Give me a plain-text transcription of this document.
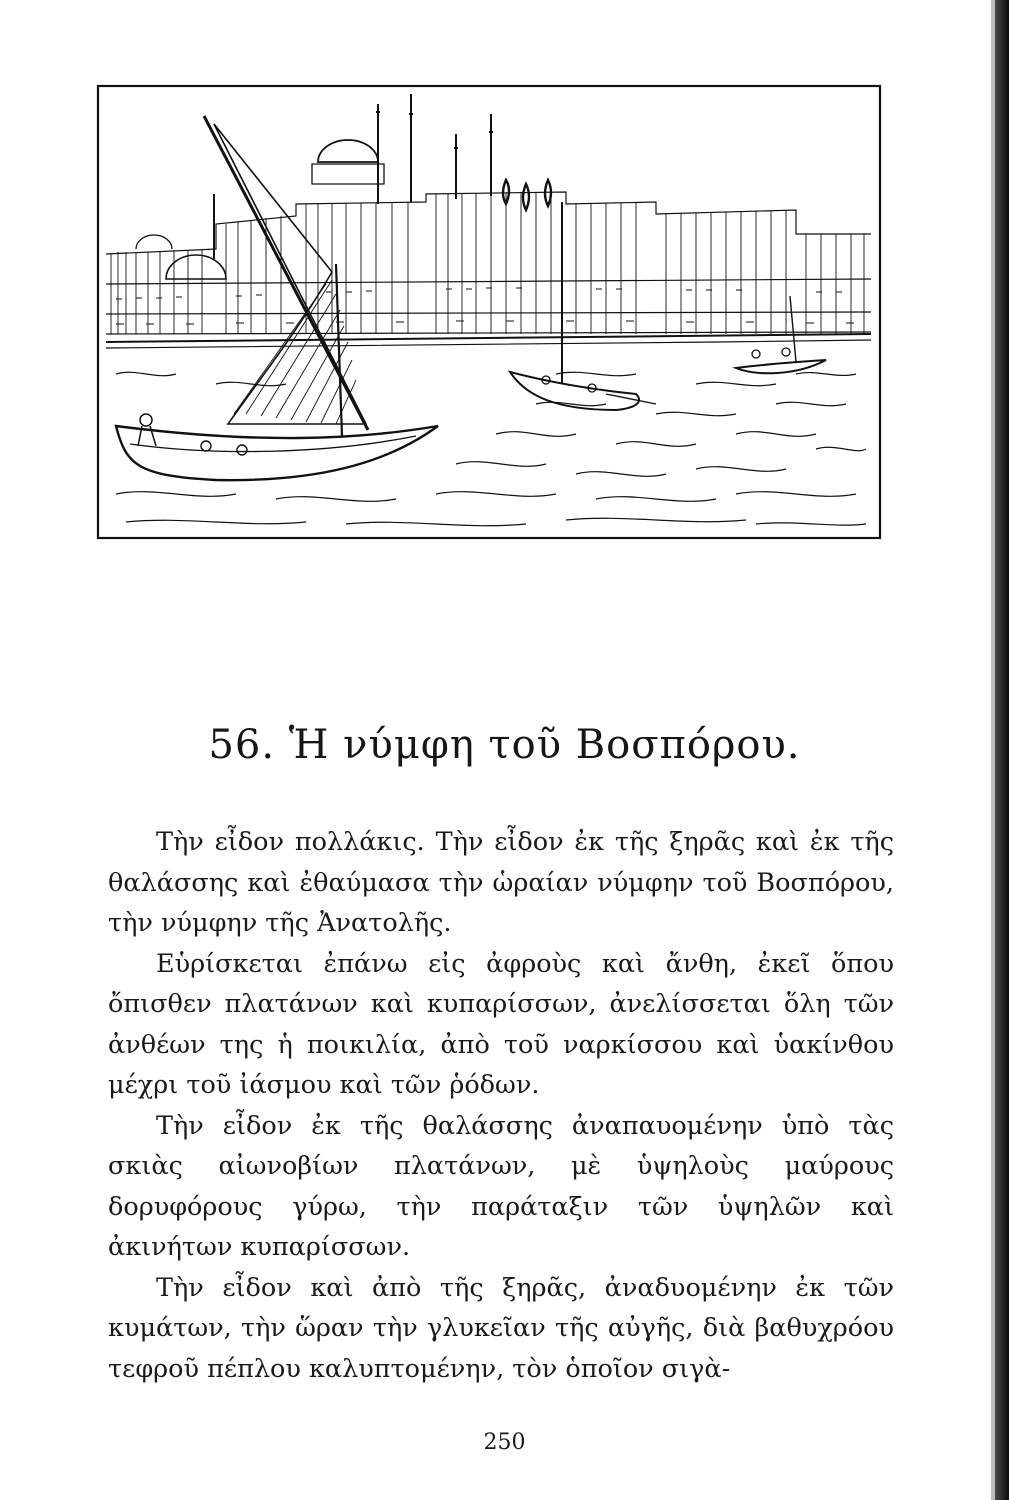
56. Ἡ νύμφη τοῦ Βοσπόρου.

Τὴν εἶδον πολλάκις. Τὴν εἶδον ἐκ τῆς ξηρᾶς καὶ ἐκ τῆς θαλάσσης καὶ ἐθαύμασα τὴν ὡραίαν νύμφην τοῦ Βοσπόρου, τὴν νύμφην τῆς Ἀνατολῆς.

Εὑρίσκεται ἐπάνω εἰς ἀφροὺς καὶ ἄνθη, ἐκεῖ ὅπου ὄπισθεν πλατάνων καὶ κυπαρίσσων, ἀνελίσσεται ὅλη τῶν ἀνθέων της ἡ ποικιλία, ἀπὸ τοῦ ναρκίσσου καὶ ὑακίνθου μέχρι τοῦ ἰάσμου καὶ τῶν ῥόδων.

Τὴν εἶδον ἐκ τῆς θαλάσσης ἀναπαυομένην ὑπὸ τὰς σκιὰς αἰωνοβίων πλατάνων, μὲ ὑψηλοὺς μαύρους δορυφόρους γύρω, τὴν παράταξιν τῶν ὑψηλῶν καὶ ἀκινήτων κυπαρίσσων.

Τὴν εἶδον καὶ ἀπὸ τῆς ξηρᾶς, ἀναδυομένην ἐκ τῶν κυμάτων, τὴν ὥραν τὴν γλυκεῖαν τῆς αὐγῆς, διὰ βαθυχρόου τεφροῦ πέπλου καλυπτομένην, τὸν ὁποῖον σιγὰ-

250
